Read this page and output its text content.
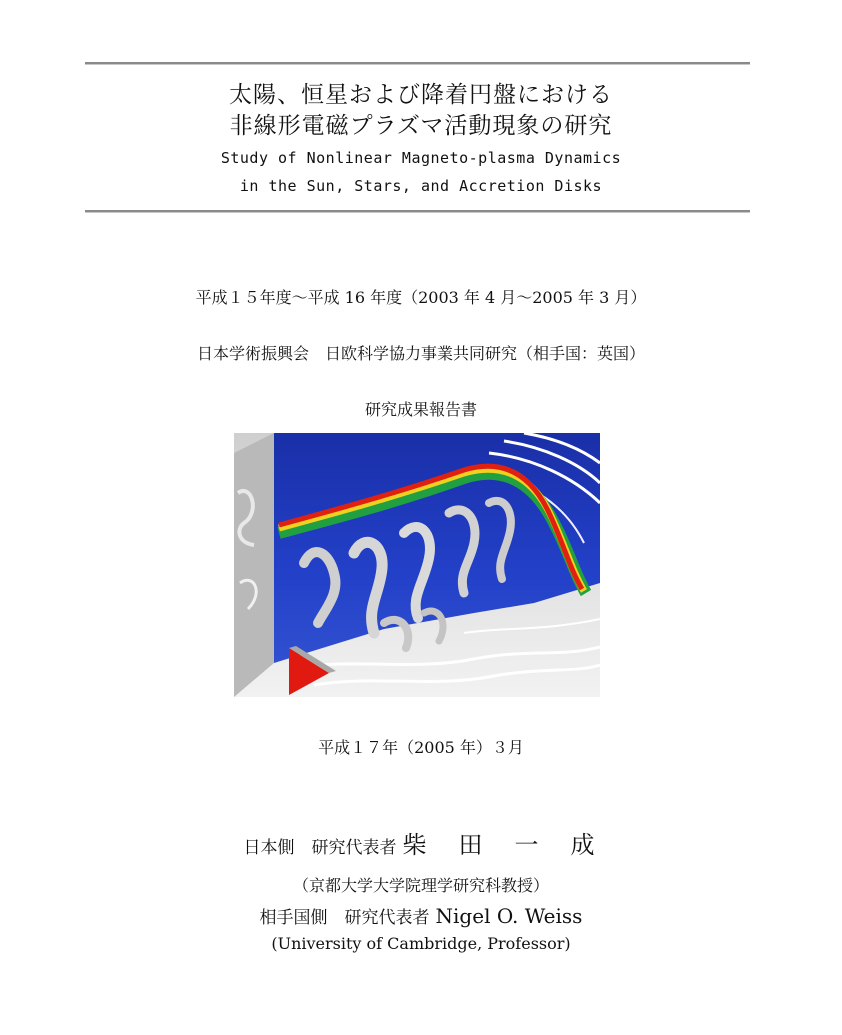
太陽、恒星および降着円盤における
非線形電磁プラズマ活動現象の研究
Study of Nonlinear Magneto-plasma Dynamics
in the Sun, Stars, and Accretion Disks
平成１５年度〜平成 16 年度（2003 年 4 月〜2005 年 3 月）
日本学術振興会　日欧科学協力事業共同研究（相手国：英国）
研究成果報告書
平成１７年（2005 年）３月
日本側　研究代表者 柴　田　一　成
（京都大学大学院理学研究科教授）
相手国側　研究代表者 Nigel O. Weiss
(University of Cambridge, Professor)
